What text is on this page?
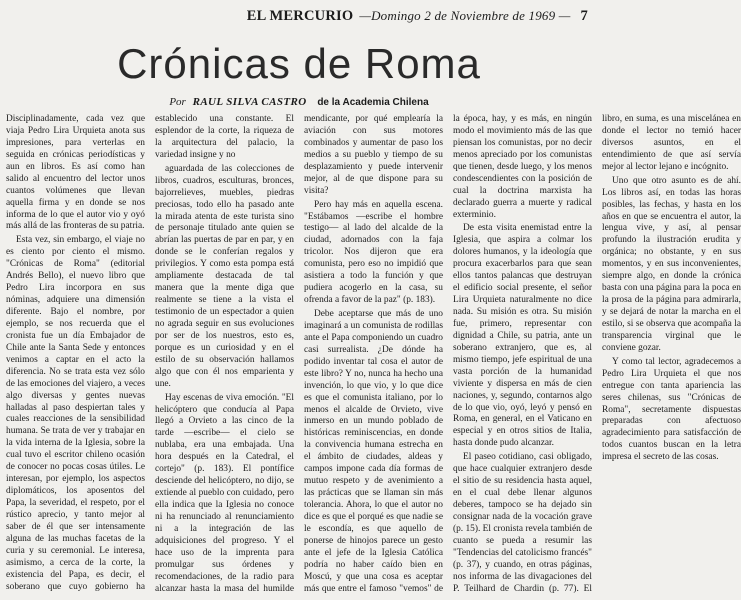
EL MERCURIO —Domingo 2 de Noviembre de 1969 — 7
Crónicas de Roma
Por RAUL SILVA CASTRO de la Academia Chilena

Disciplinadamente, cada vez que viaja Pedro Lira Urquieta anota sus impresiones, para verterlas en seguida en crónicas periodísticas y aun en libros. Es así como han salido al encuentro del lector unos cuantos volúmenes que llevan aquella firma y en donde se nos informa de lo que el autor vio y oyó más allá de las fronteras de su patria.

Esta vez, sin embargo, el viaje no es ciento por ciento el mismo. "Crónicas de Roma" (editorial Andrés Bello), el nuevo libro que Pedro Lira incorpora en sus nóminas, adquiere una dimensión diferente. Bajo el nombre, por ejemplo, se nos recuerda que el cronista fue un día Embajador de Chile ante la Santa Sede y entonces venimos a captar en el acto la diferencia. No se trata esta vez sólo de las emociones del viajero, a veces algo diversas y gentes nuevas halladas al paso despiertan tales y cuales reacciones de la sensibilidad humana. Se trata de ver y trabajar en la vida interna de la Iglesia, sobre la cual tuvo el escritor chileno ocasión de conocer no pocas cosas útiles. Le interesan, por ejemplo, los aspectos diplomáticos, los aposentos del Papa, la severidad, el respeto, por el rústico aprecio, y tanto mejor al saber de él que ser intensamente alguna de las muchas facetas de la curia y su ceremonial. Le interesa, asimismo, a cerca de la corte, la existencia del Papa, es decir, el soberano que cuyo gobierno ha establecido una constante. El esplendor de la corte, la riqueza de la arquitectura del palacio, la variedad insigne y no

aguardada de las colecciones de libros, cuadros, esculturas, bronces, bajorrelieves, muebles, piedras preciosas, todo ello ha pasado ante la mirada atenta de este turista sino de personaje titulado ante quien se abrían las puertas de par en par, y en donde se le conferían regalos y privilegios. Y como esta pompa está ampliamente destacada de tal manera que la mente diga que realmente se tiene a la vista el testimonio de un espectador a quien no agrada seguir en sus evoluciones por ser de los nuestros, esto es, porque es un curiosidad y en el estilo de su observación hallamos algo que con él nos emparienta y une.

Hay escenas de viva emoción. "El helicóptero que conducía al Papa llegó a Orvieto a las cinco de la tarde —escribe— el cielo se nublaba, era una embajada. Una hora después en la Catedral, el cortejo" (p. 183). El pontífice desciende del helicóptero, no dijo, se extiende al pueblo con cuidado, pero ella indica que la Iglesia no conoce ni ha renunciado al renunciamiento ni a la integración de las adquisiciones del progreso. Y el hace uso de la imprenta para promulgar sus órdenes y recomendaciones, de la radio para alcanzar hasta la masa del humilde mendicante, por qué emplearía la aviación con sus motores combinados y aumentar de paso los medios a su pueblo y tiempo de su desplazamiento y puede intervenir mejor, al de que dispone para su visita?

Pero hay más en aquella escena. "Estábamos —escribe el hombre testigo— al lado del alcalde de la ciudad, adornados con la faja tricolor. Nos dijeron que era comunista, pero eso no impidió que asistiera a todo la función y que pudiera acogerlo en la casa, su ofrenda a favor de la paz" (p. 183).

Debe aceptarse que más de uno imaginará a un comunista de rodillas ante el Papa componiendo un cuadro casi surrealista. ¿De dónde ha podido inventar tal cosa el autor de este libro? Y no, nunca ha hecho una invención, lo que vio, y lo que dice es que el comunista italiano, por lo menos el alcalde de Orvieto, vive inmerso en un mundo poblado de históricas reminiscencias, en donde la convivencia humana estrecha en el ámbito de ciudades, aldeas y campos impone cada día formas de mutuo respeto y de avenimiento a las prácticas que se llaman sin más tolerancia. Ahora, lo que el autor no dice es que el porqué es que nadie se le escondía, es que aquello de ponerse de hinojos parece un gesto ante el jefe de la Iglesia Católica podría no haber caído bien en Moscú, y que una cosa es aceptar más que entre el famoso "vemos" de la época, hay, y es más, en ningún modo el movimiento más de las que piensan los comunistas, por no decir menos apreciado por los comunistas que tienen, desde luego, y los menos condescendientes con la posición de cual la doctrina marxista ha declarado guerra a muerte y radical exterminio.

De esta visita enemistad entre la Iglesia, que aspira a colmar los dolores humanos, y la ideología que procura exacerbarlos para que sean ellos tantos palancas que destruyan el edificio social presente, el señor Lira Urquieta naturalmente no dice nada. Su misión es otra. Su misión fue, primero, representar con dignidad a Chile, su patria, ante un soberano extranjero, que es, al mismo tiempo, jefe espiritual de una vasta porción de la humanidad viviente y dispersa en más de cien naciones, y, segundo, contarnos algo de lo que vio, oyó, leyó y pensó en Roma, en general, en el Vaticano en especial y en otros sitios de Italia, hasta donde pudo alcanzar.

El paseo cotidiano, casi obligado, que hace cualquier extranjero desde el sitio de su residencia hasta aquel, en el cual debe llenar algunos deberes, tampoco se ha dejado sin consignar nada de la vocación grave (p. 15). El cronista revela también de cuanto se pueda a resumir las "Tendencias del catolicismo francés" (p. 37), y cuando, en otras páginas, nos informa de las divagaciones del P. Teilhard de Chardin (p. 77). El libro, en suma, es una miscelánea en donde el lector no temió hacer diversos asuntos, en el entendimiento de que así servía mejor al lector lejano e incógnito.

Uno que otro asunto es de ahí. Los libros así, en todas las horas posibles, las fechas, y hasta en los años en que se encuentra el autor, la lengua vive, y así, al pensar profundo la ilustración erudita y orgánica; no obstante, y en sus momentos, y en sus inconvenientes, siempre algo, en donde la crónica basta con una página para la poca en la prosa de la página para admirarla, y se dejará de notar la marcha en el estilo, si se observa que acompaña la transparencia virginal que le conviene gozar.

Y como tal lector, agradecemos a Pedro Lira Urquieta el que nos entregue con tanta apariencia las seres chilenas, sus "Crónicas de Roma", secretamente dispuestas preparadas con afectuoso agradecimiento para satisfacción de todos cuantos buscan en la letra impresa el secreto de las cosas.
